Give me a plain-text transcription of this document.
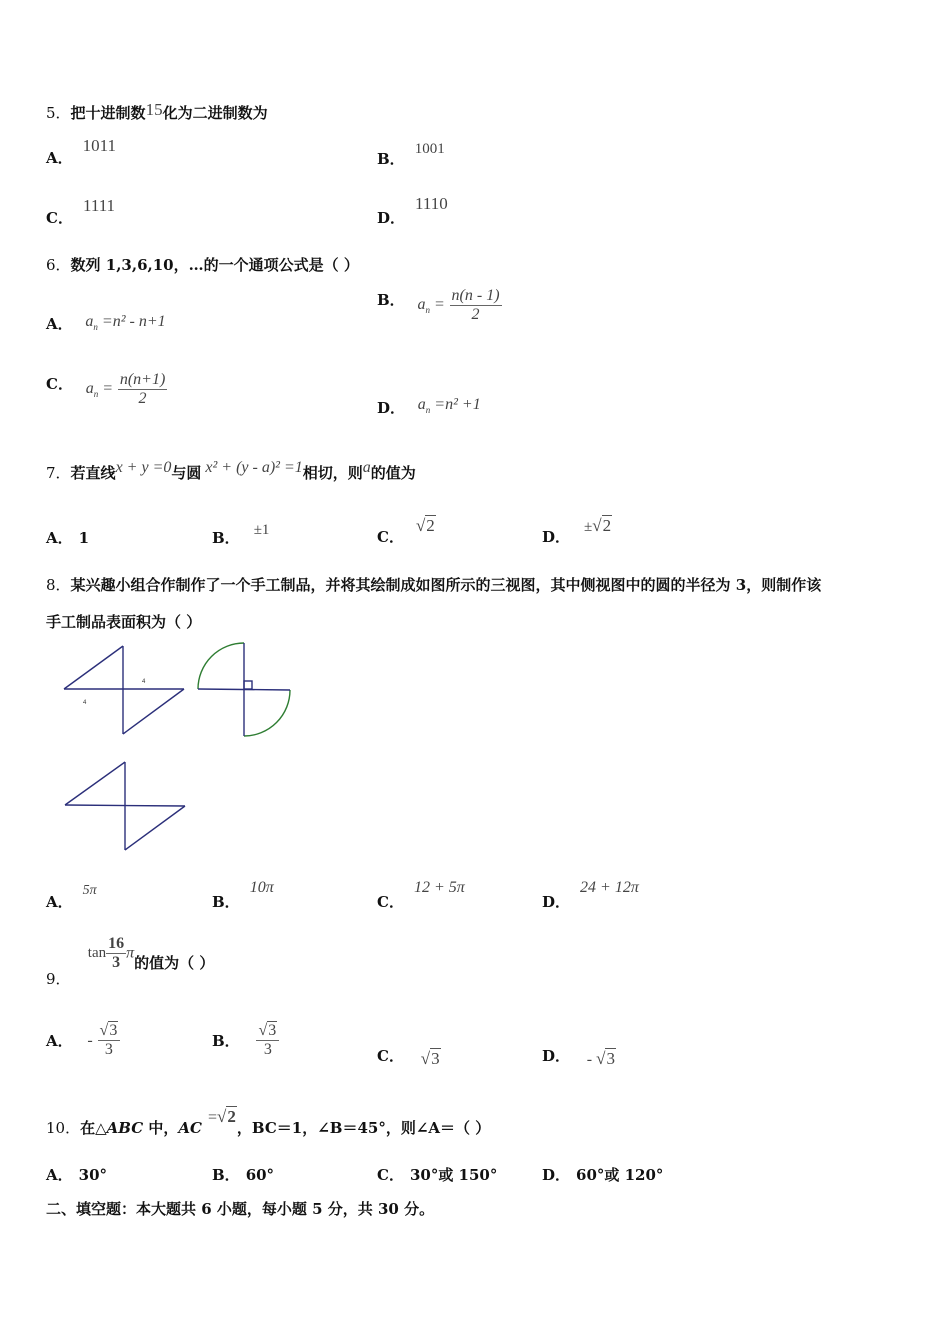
5．把十进制数15化为二进制数为
A．1011
B．1001
C．1111
D．1110
6．数列 1,3,6,10，…的一个通项公式是（ ）
A． $a_n =n^2 - n+1$
B． $a_n = \frac{n(n - 1)}{2}$
C． $a_n = \frac{n(n+1)}{2}$	D． $a_n =n^2 +1$
7．若直线x + y =0与圆 x² + (y - a)² =1相切，则a的值为
A． 1	B． ±1	C．√2
D．±√2
8．某兴趣小组合作制作了一个手工制品，并将其绘制成如图所示的三视图，其中侧视图中的圆的半径为 3，则制作该
手工制品表面积为（ ）
4
4
A．5π
B．10π
C．12 + 5π
D．24 + 12π
9． $\tan \frac{16}{3}$ π的值为（ ）
A． - $\frac{√3}{3}$	B． $\frac{√3}{3}$	C． √3	D． - √3
10．在△ABC 中，AC=√2，BC＝1，∠B＝45°，则∠A＝（ ）
A． 30°	B． 60°	C． 30°或 150°	D． 60°或 120°
二、填空题：本大题共 6 小题，每小题 5 分，共 30 分。
